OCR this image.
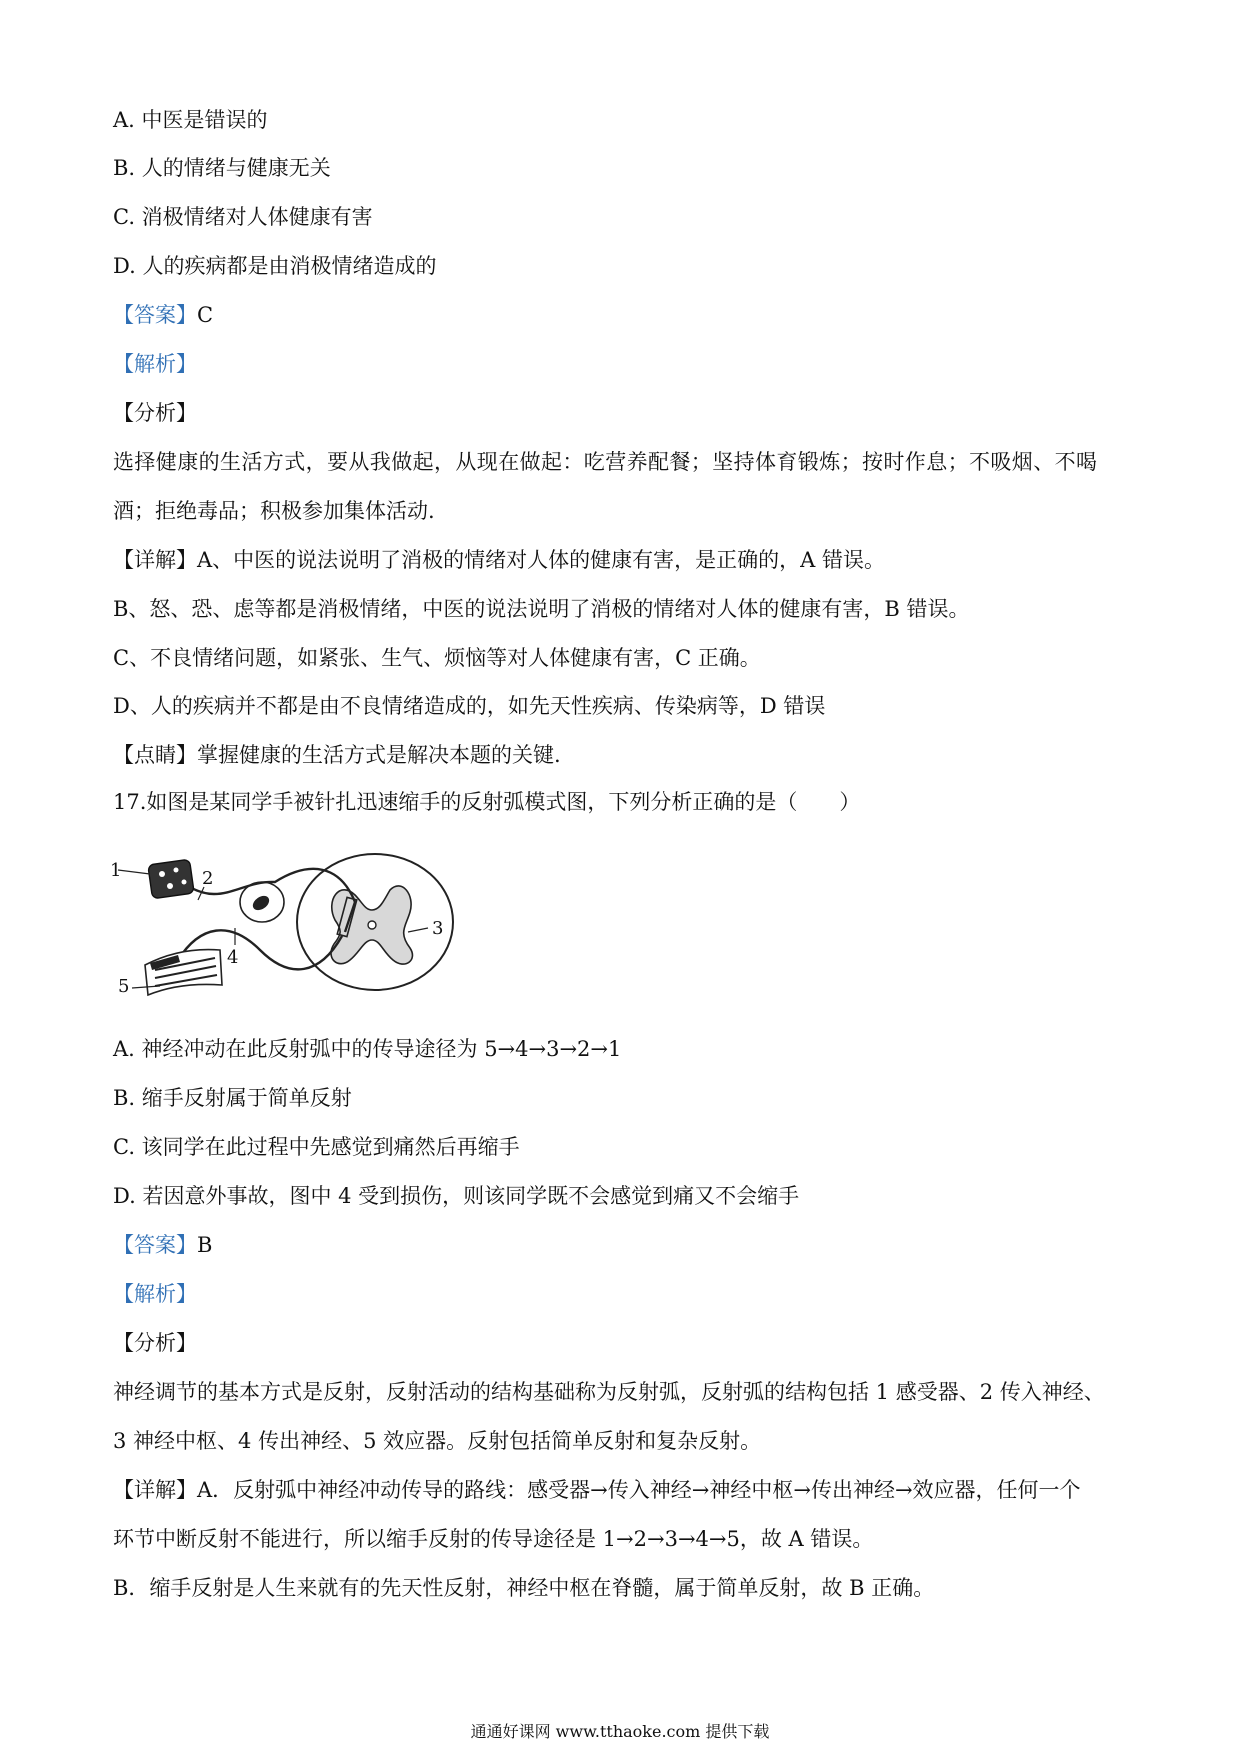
A. 中医是错误的

B. 人的情绪与健康无关

C. 消极情绪对人体健康有害

D. 人的疾病都是由消极情绪造成的

【答案】C

【解析】

【分析】

选择健康的生活方式，要从我做起，从现在做起：吃营养配餐；坚持体育锻炼；按时作息；不吸烟、不喝

酒；拒绝毒品；积极参加集体活动.

【详解】A、中医的说法说明了消极的情绪对人体的健康有害，是正确的，A 错误。

B、怒、恐、虑等都是消极情绪，中医的说法说明了消极的情绪对人体的健康有害，B 错误。

C、不良情绪问题，如紧张、生气、烦恼等对人体健康有害，C 正确。

D、人的疾病并不都是由不良情绪造成的，如先天性疾病、传染病等，D 错误

【点睛】掌握健康的生活方式是解决本题的关键.

17.如图是某同学手被针扎迅速缩手的反射弧模式图，下列分析正确的是（　　）

1	2
3
4
5

A. 神经冲动在此反射弧中的传导途径为 5→4→3→2→1

B. 缩手反射属于简单反射

C. 该同学在此过程中先感觉到痛然后再缩手

D. 若因意外事故，图中 4 受到损伤，则该同学既不会感觉到痛又不会缩手

【答案】B

【解析】

【分析】

神经调节的基本方式是反射，反射活动的结构基础称为反射弧，反射弧的结构包括 1 感受器、2 传入神经、

3 神经中枢、4 传出神经、5 效应器。反射包括简单反射和复杂反射。

【详解】A．反射弧中神经冲动传导的路线：感受器→传入神经→神经中枢→传出神经→效应器，任何一个

环节中断反射不能进行，所以缩手反射的传导途径是 1→2→3→4→5，故 A 错误。

B．缩手反射是人生来就有的先天性反射，神经中枢在脊髓，属于简单反射，故 B 正确。

通通好课网 www.tthaoke.com 提供下载
